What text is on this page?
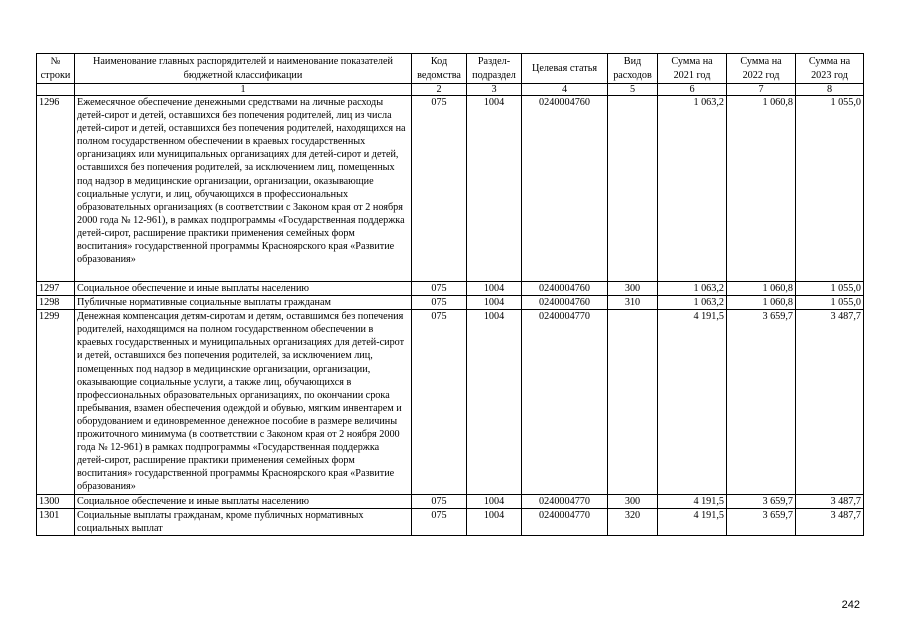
№ строки	Наименование главных распорядителей и наименование показателей бюджетной классификации	Код ведомства	Раздел-подраздел	Целевая статья	Вид расходов	Сумма на 2021 год	Сумма на 2022 год	Сумма на 2023 год
	1	2	3	4	5	6	7	8
1296	Ежемесячное обеспечение денежными средствами на личные расходы детей-сирот и детей, оставшихся без попечения родителей, лиц из числа детей-сирот и детей, оставшихся без попечения родителей, находящихся на полном государственном обеспечении в краевых государственных организациях или муниципальных организациях для детей-сирот и детей, оставшихся без попечения родителей, за исключением лиц, помещенных под надзор в медицинские организации, организации, оказывающие социальные услуги, и лиц, обучающихся в профессиональных образовательных организациях (в соответствии с Законом края от 2 ноября 2000 года № 12-961), в рамках подпрограммы «Государственная поддержка детей-сирот, расширение практики применения семейных форм воспитания» государственной программы Красноярского края «Развитие образования»	075	1004	0240004760		1 063,2	1 060,8	1 055,0
1297	Социальное обеспечение и иные выплаты населению	075	1004	0240004760	300	1 063,2	1 060,8	1 055,0
1298	Публичные нормативные социальные выплаты гражданам	075	1004	0240004760	310	1 063,2	1 060,8	1 055,0
1299	Денежная компенсация детям-сиротам и детям, оставшимся без попечения родителей, находящимся на полном государственном обеспечении в краевых государственных и муниципальных организациях для детей-сирот и детей, оставшихся без попечения родителей, за исключением лиц, помещенных под надзор в медицинские организации, организации, оказывающие социальные услуги, а также лиц, обучающихся в профессиональных образовательных организациях, по окончании срока пребывания, взамен обеспечения одеждой и обувью, мягким инвентарем и оборудованием и единовременное денежное пособие в размере величины прожиточного минимума (в соответствии с Законом края от 2 ноября 2000 года № 12-961) в рамках подпрограммы «Государственная поддержка детей-сирот, расширение практики применения семейных форм воспитания» государственной программы Красноярского края «Развитие образования»	075	1004	0240004770		4 191,5	3 659,7	3 487,7
1300	Социальное обеспечение и иные выплаты населению	075	1004	0240004770	300	4 191,5	3 659,7	3 487,7
1301	Социальные выплаты гражданам, кроме публичных нормативных социальных выплат	075	1004	0240004770	320	4 191,5	3 659,7	3 487,7
242
